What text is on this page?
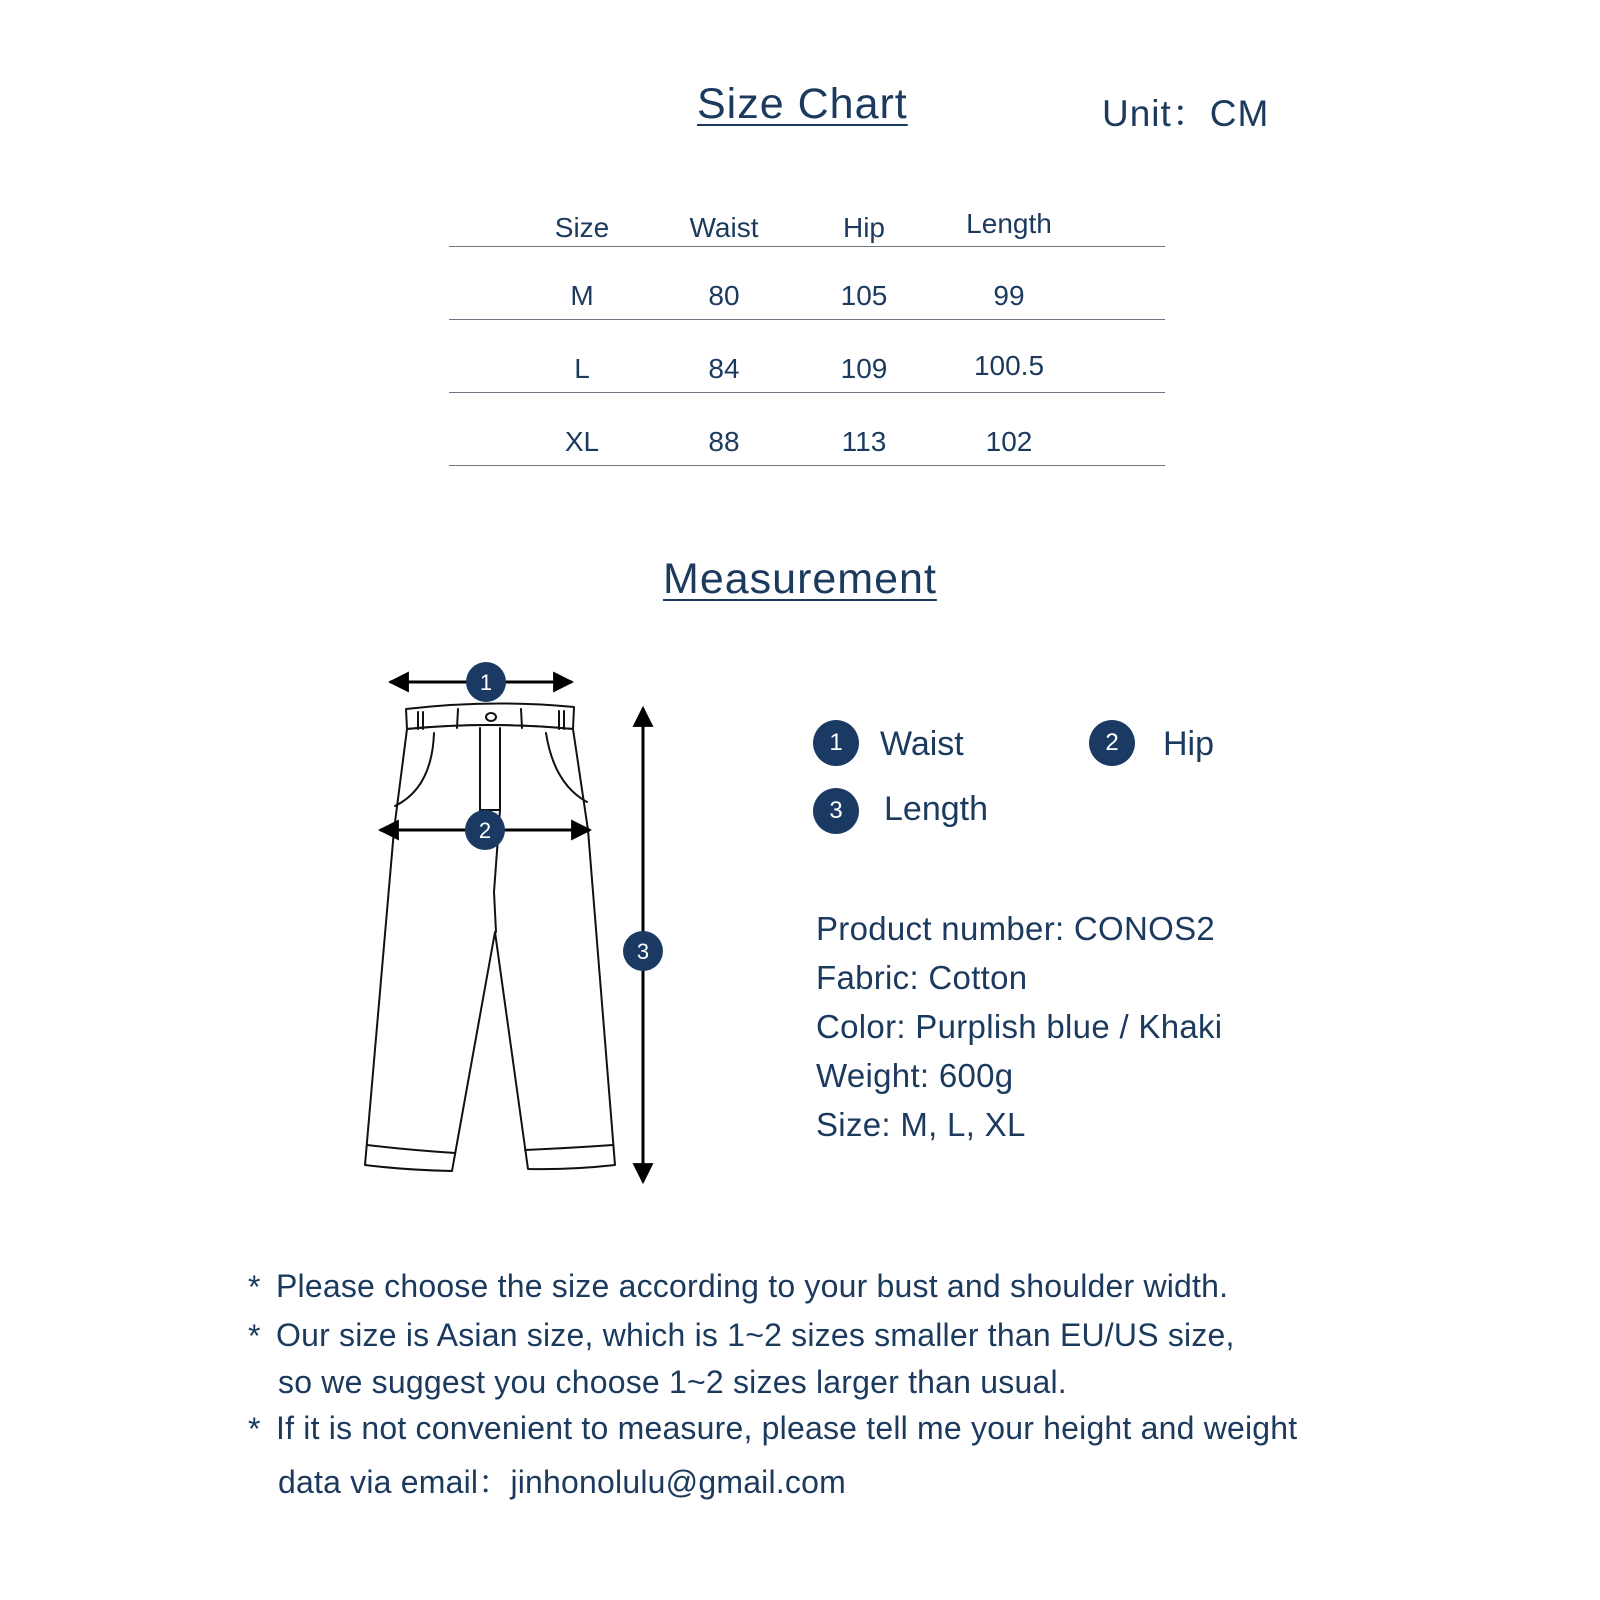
Size Chart	Unit：CM
Size	Waist	Hip	Length
M	80	105	99
L	84	109	100.5
XL	88	113	102
Measurement
1
2
3
1	Waist	2	Hip
3	Length
Product number: CONOS2
Fabric: Cotton
Color: Purplish blue / Khaki
Weight: 600g
Size: M, L, XL
* Please choose the size according to your bust and shoulder width.
* Our size is Asian size, which is 1~2 sizes smaller than EU/US size,
so we suggest you choose 1~2 sizes larger than usual.
* If it is not convenient to measure, please tell me your height and weight
data via email：jinhonolulu@gmail.com
